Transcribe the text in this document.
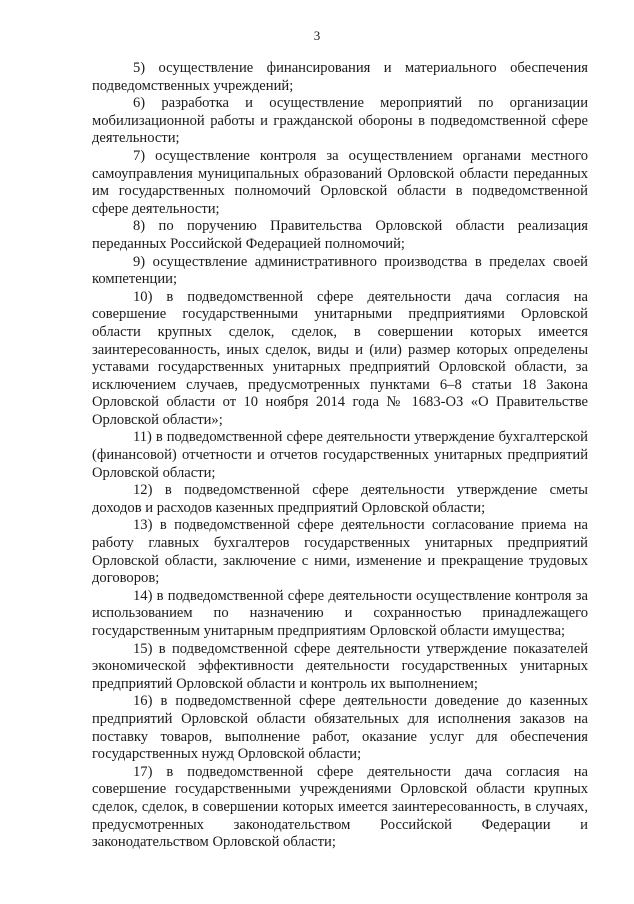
3

5) осуществление финансирования и материального обеспечения подведомственных учреждений;

6) разработка и осуществление мероприятий по организации мобилизационной работы и гражданской обороны в подведомственной сфере деятельности;

7) осуществление контроля за осуществлением органами местного самоуправления муниципальных образований Орловской области переданных им государственных полномочий Орловской области в подведомственной сфере деятельности;

8) по поручению Правительства Орловской области реализация переданных Российской Федерацией полномочий;

9) осуществление административного производства в пределах своей компетенции;

10) в подведомственной сфере деятельности дача согласия на совершение государственными унитарными предприятиями Орловской области крупных сделок, сделок, в совершении которых имеется заинтересованность, иных сделок, виды и (или) размер которых определены уставами государственных унитарных предприятий Орловской области, за исключением случаев, предусмотренных пунктами 6–8 статьи 18 Закона Орловской области от 10 ноября 2014 года № 1683-ОЗ «О Правительстве Орловской области»;

11) в подведомственной сфере деятельности утверждение бухгалтерской (финансовой) отчетности и отчетов государственных унитарных предприятий Орловской области;

12) в подведомственной сфере деятельности утверждение сметы доходов и расходов казенных предприятий Орловской области;

13) в подведомственной сфере деятельности согласование приема на работу главных бухгалтеров государственных унитарных предприятий Орловской области, заключение с ними, изменение и прекращение трудовых договоров;

14) в подведомственной сфере деятельности осуществление контроля за использованием по назначению и сохранностью принадлежащего государственным унитарным предприятиям Орловской области имущества;

15) в подведомственной сфере деятельности утверждение показателей экономической эффективности деятельности государственных унитарных предприятий Орловской области и контроль их выполнением;

16) в подведомственной сфере деятельности доведение до казенных предприятий Орловской области обязательных для исполнения заказов на поставку товаров, выполнение работ, оказание услуг для обеспечения государственных нужд Орловской области;

17) в подведомственной сфере деятельности дача согласия на совершение государственными учреждениями Орловской области крупных сделок, сделок, в совершении которых имеется заинтересованность, в случаях, предусмотренных законодательством Российской Федерации и законодательством Орловской области;
